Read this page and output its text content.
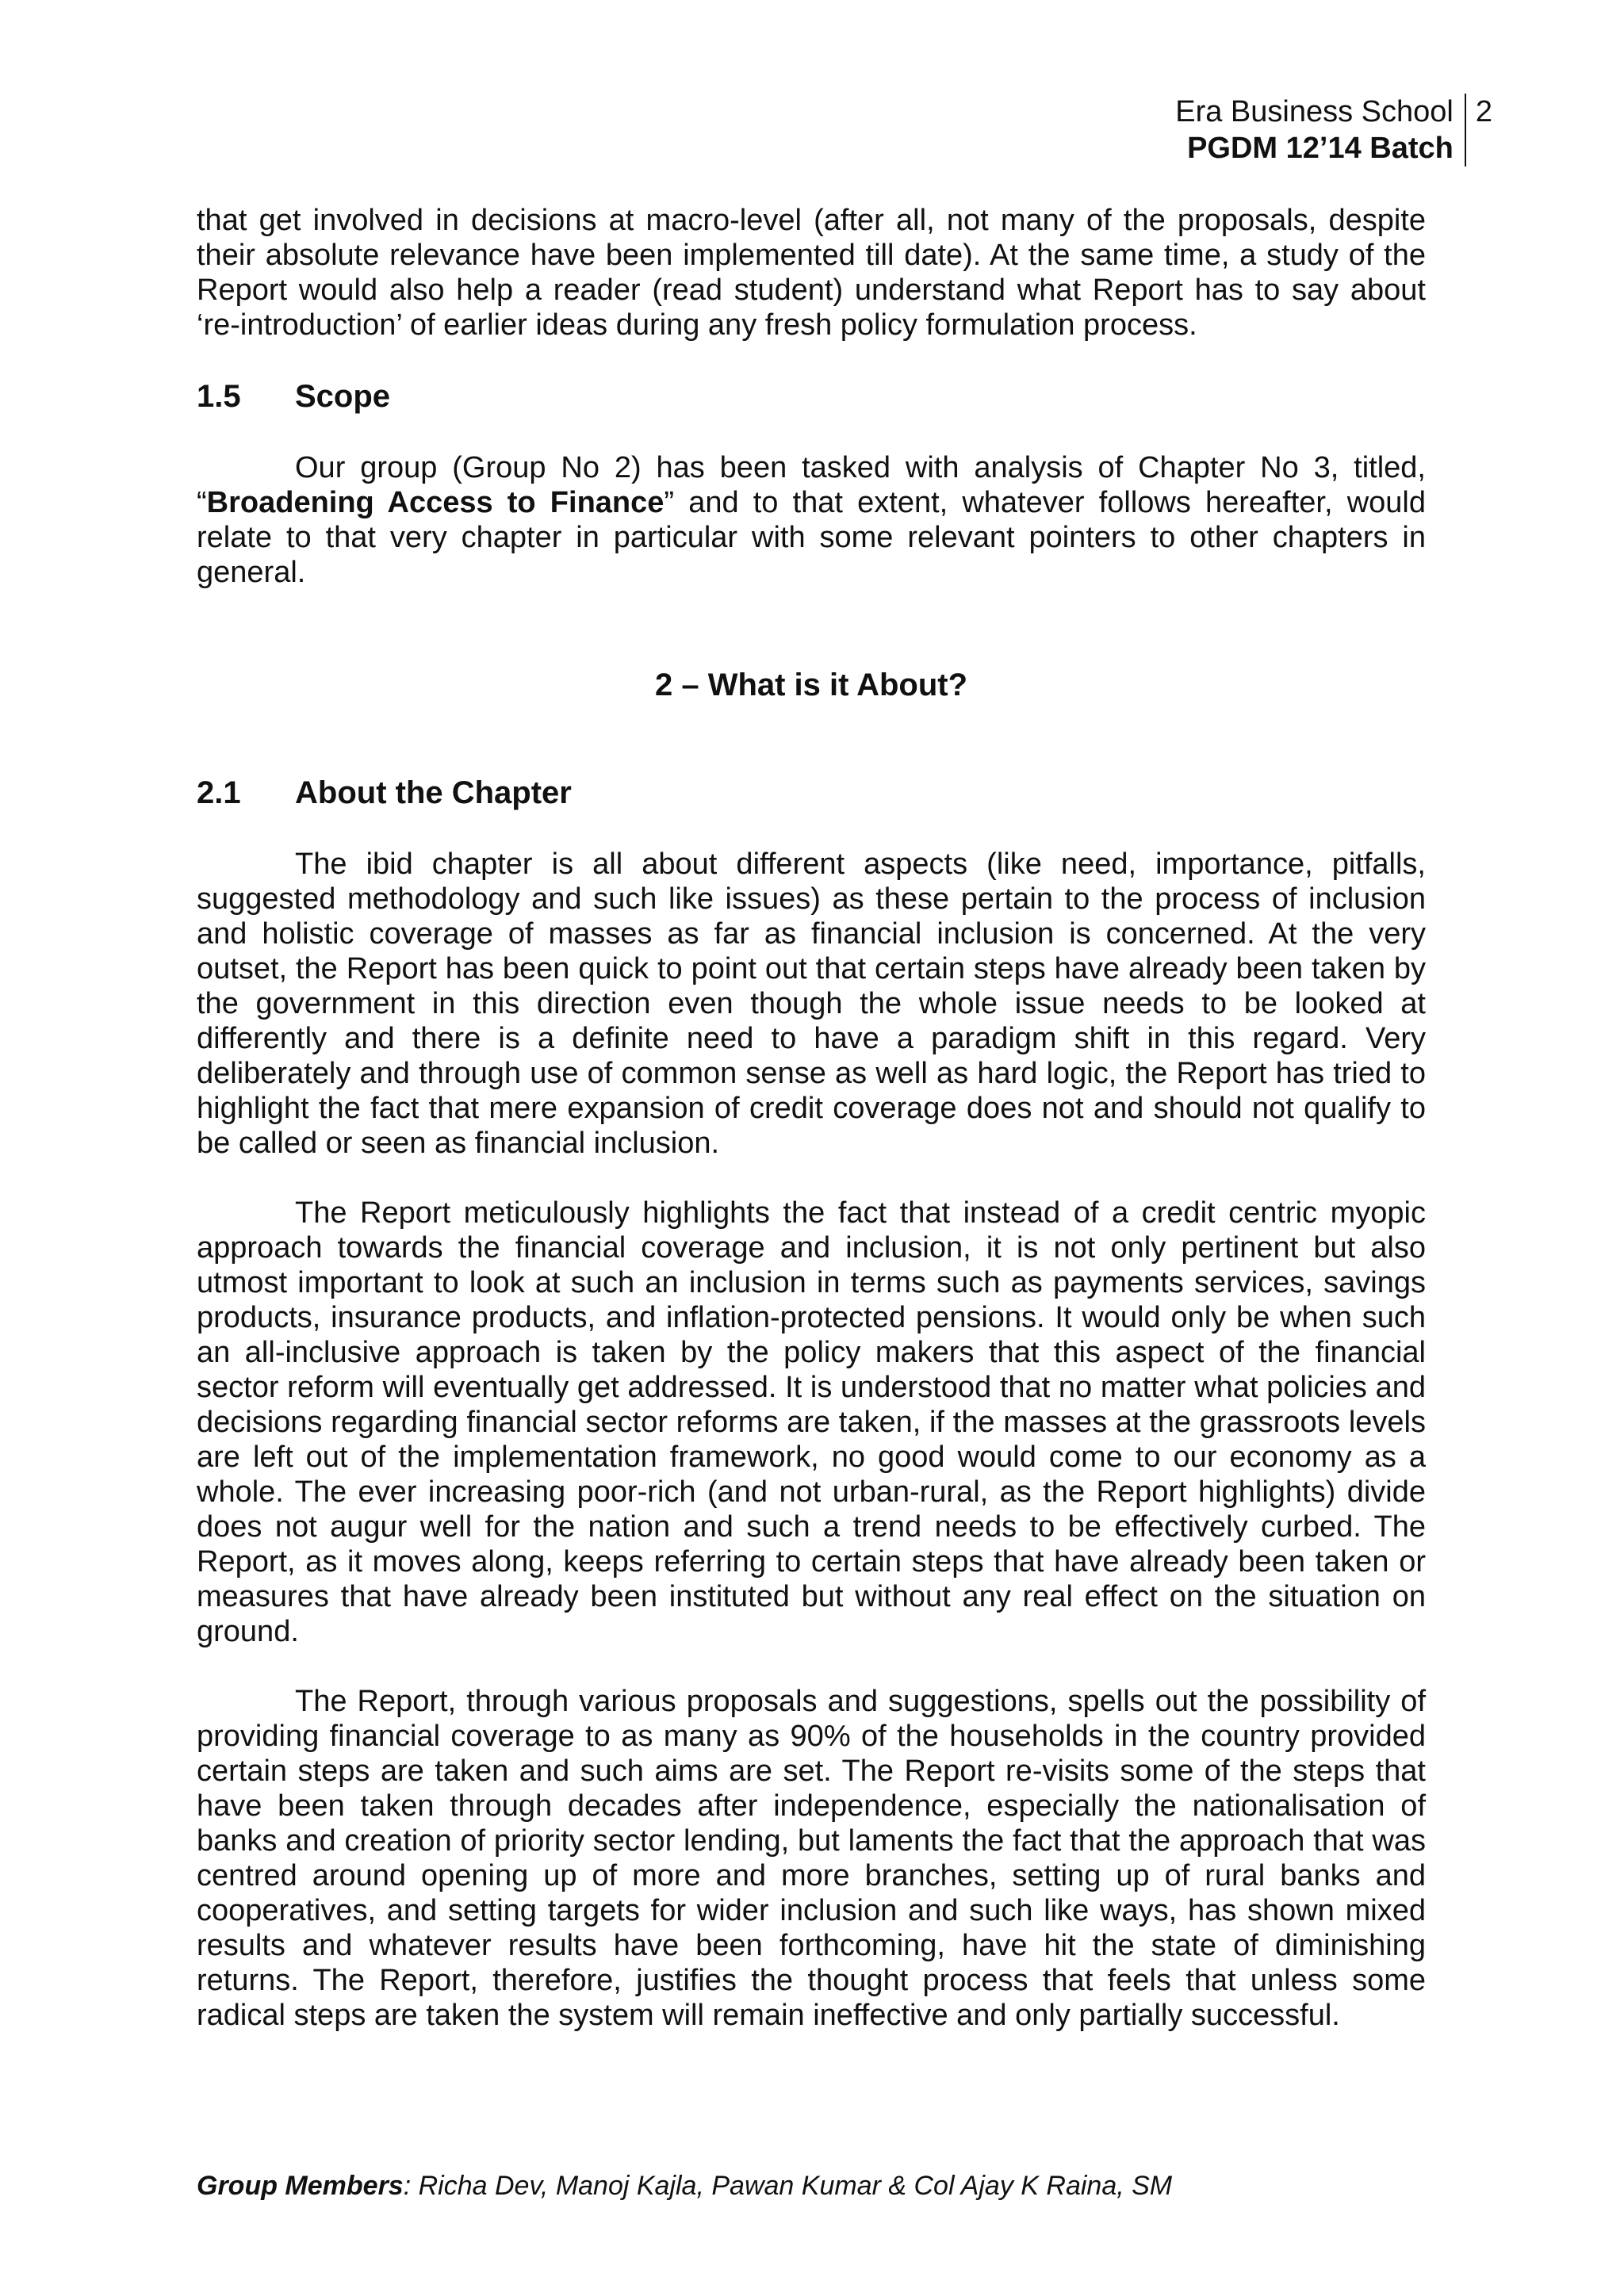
Era Business School
PGDM 12’14 Batch
2

that get involved in decisions at macro-level (after all, not many of the proposals, despite their absolute relevance have been implemented till date). At the same time, a study of the Report would also help a reader (read student) understand what Report has to say about ‘re-introduction’ of earlier ideas during any fresh policy formulation process.

1.5	Scope

Our group (Group No 2) has been tasked with analysis of Chapter No 3, titled, “Broadening Access to Finance” and to that extent, whatever follows hereafter, would relate to that very chapter in particular with some relevant pointers to other chapters in general.

2 – What is it About?
2.1	About the Chapter

The ibid chapter is all about different aspects (like need, importance, pitfalls, suggested methodology and such like issues) as these pertain to the process of inclusion and holistic coverage of masses as far as financial inclusion is concerned. At the very outset, the Report has been quick to point out that certain steps have already been taken by the government in this direction even though the whole issue needs to be looked at differently and there is a definite need to have a paradigm shift in this regard. Very deliberately and through use of common sense as well as hard logic, the Report has tried to highlight the fact that mere expansion of credit coverage does not and should not qualify to be called or seen as financial inclusion.

The Report meticulously highlights the fact that instead of a credit centric myopic approach towards the financial coverage and inclusion, it is not only pertinent but also utmost important to look at such an inclusion in terms such as payments services, savings products, insurance products, and inflation-protected pensions. It would only be when such an all-inclusive approach is taken by the policy makers that this aspect of the financial sector reform will eventually get addressed. It is understood that no matter what policies and decisions regarding financial sector reforms are taken, if the masses at the grassroots levels are left out of the implementation framework, no good would come to our economy as a whole. The ever increasing poor-rich (and not urban-rural, as the Report highlights) divide does not augur well for the nation and such a trend needs to be effectively curbed. The Report, as it moves along, keeps referring to certain steps that have already been taken or measures that have already been instituted but without any real effect on the situation on ground.

The Report, through various proposals and suggestions, spells out the possibility of providing financial coverage to as many as 90% of the households in the country provided certain steps are taken and such aims are set. The Report re-visits some of the steps that have been taken through decades after independence, especially the nationalisation of banks and creation of priority sector lending, but laments the fact that the approach that was centred around opening up of more and more branches, setting up of rural banks and cooperatives, and setting targets for wider inclusion and such like ways, has shown mixed results and whatever results have been forthcoming, have hit the state of diminishing returns. The Report, therefore, justifies the thought process that feels that unless some radical steps are taken the system will remain ineffective and only partially successful.

Group Members: Richa Dev, Manoj Kajla, Pawan Kumar & Col Ajay K Raina, SM
